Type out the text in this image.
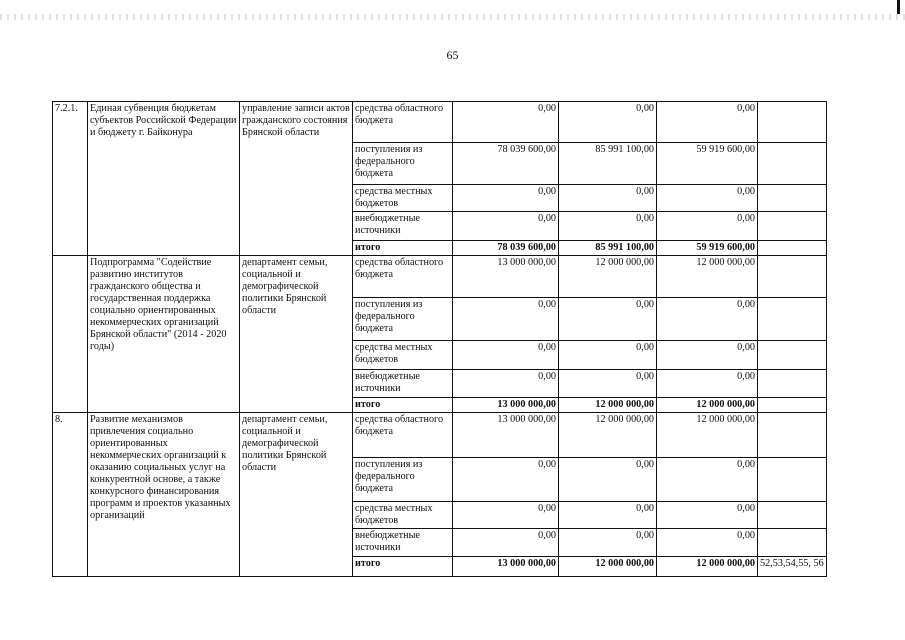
65
7.2.1.	Единая субвенция бюджетам субъектов Российской Федерации и бюджету г. Байконура	управление записи актов гражданского состояния Брянской области	средства областного бюджета	0,00	0,00	0,00	
			поступления из федерального бюджета	78 039 600,00	85 991 100,00	59 919 600,00	
			средства местных бюджетов	0,00	0,00	0,00	
			внебюджетные источники	0,00	0,00	0,00	
			итого	78 039 600,00	85 991 100,00	59 919 600,00	
	Подпрограмма "Содействие развитию институтов гражданского общества и государственная поддержка социально ориентированных некоммерческих организаций Брянской области" (2014 - 2020 годы)	департамент семьи, социальной и демографической политики Брянской области	средства областного бюджета	13 000 000,00	12 000 000,00	12 000 000,00	
			поступления из федерального бюджета	0,00	0,00	0,00	
			средства местных бюджетов	0,00	0,00	0,00	
			внебюджетные источники	0,00	0,00	0,00	
			итого	13 000 000,00	12 000 000,00	12 000 000,00	
8.	Развитие механизмов привлечения социально ориентированных некоммерческих организаций к оказанию социальных услуг на конкурентной основе, а также конкурсного финансирования программ и проектов указанных организаций	департамент семьи, социальной и демографической политики Брянской области	средства областного бюджета	13 000 000,00	12 000 000,00	12 000 000,00	
			поступления из федерального бюджета	0,00	0,00	0,00	
			средства местных бюджетов	0,00	0,00	0,00	
			внебюджетные источники	0,00	0,00	0,00	
			итого	13 000 000,00	12 000 000,00	12 000 000,00	52,53,54,55, 56
